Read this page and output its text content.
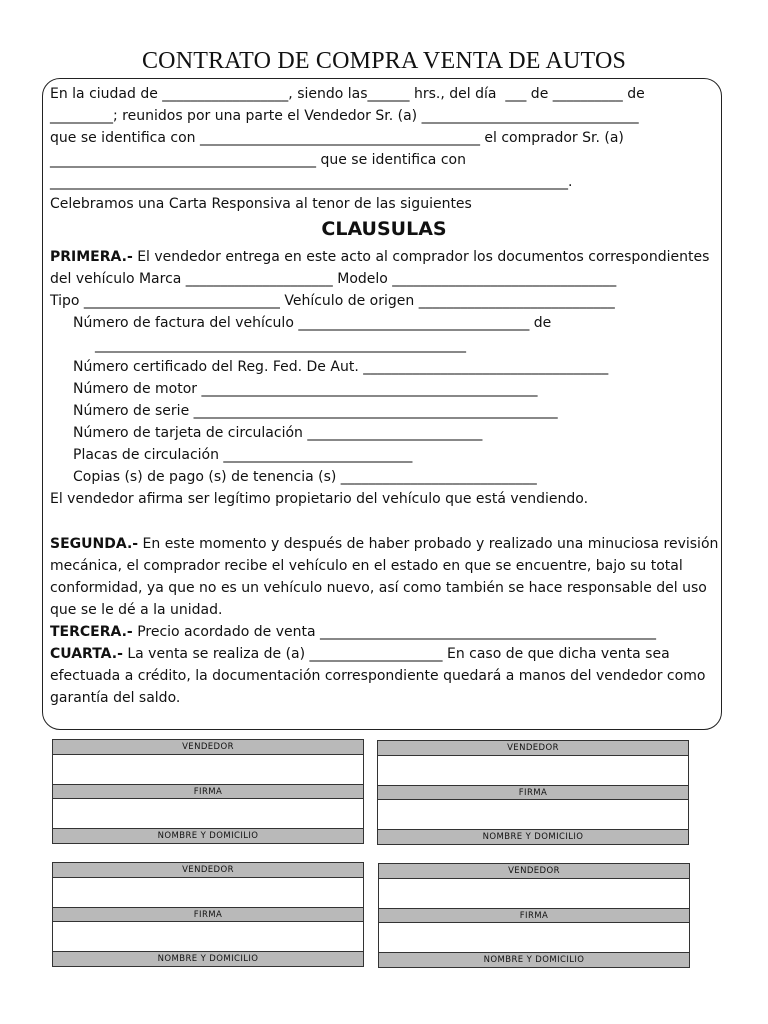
CONTRATO DE COMPRA VENTA DE AUTOS
En la ciudad de __________________, siendo las______ hrs., del día  ___ de __________ de
_________; reunidos por una parte el Vendedor Sr. (a) _______________________________
que se identifica con ________________________________________ el comprador Sr. (a)
______________________________________ que se identifica con
__________________________________________________________________________.
Celebramos una Carta Responsiva al tenor de las siguientes
CLAUSULAS
PRIMERA.- El vendedor entrega en este acto al comprador los documentos correspondientes
del vehículo Marca _____________________ Modelo ________________________________
Tipo ____________________________ Vehículo de origen ____________________________
Número de factura del vehículo _________________________________ de
_____________________________________________________
Número certificado del Reg. Fed. De Aut. ___________________________________
Número de motor ________________________________________________
Número de serie ____________________________________________________
Número de tarjeta de circulación _________________________
Placas de circulación ___________________________
Copias (s) de pago (s) de tenencia (s) ____________________________
El vendedor afirma ser legítimo propietario del vehículo que está vendiendo.
SEGUNDA.- En este momento y después de haber probado y realizado una minuciosa revisión
mecánica, el comprador recibe el vehículo en el estado en que se encuentre, bajo su total
conformidad, ya que no es un vehículo nuevo, así como también se hace responsable del uso
que se le dé a la unidad.
TERCERA.- Precio acordado de venta ________________________________________________
CUARTA.- La venta se realiza de (a) ___________________ En caso de que dicha venta sea
efectuada a crédito, la documentación correspondiente quedará a manos del vendedor como
garantía del saldo.
VENDEDOR
FIRMA
NOMBRE Y DOMICILIO
VENDEDOR
FIRMA
NOMBRE Y DOMICILIO
VENDEDOR
FIRMA
NOMBRE Y DOMICILIO
VENDEDOR
FIRMA
NOMBRE Y DOMICILIO
